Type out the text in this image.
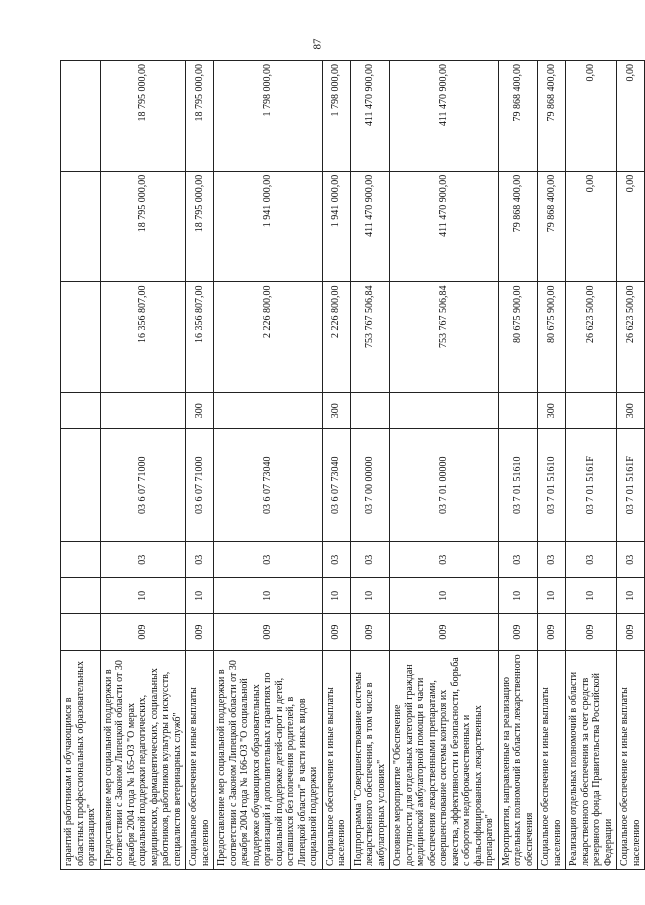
87
гарантий работникам и обучающимся в областных профессиональных образовательных организациях"								
Предоставление мер социальной поддержки в соответствии с Законом Липецкой области от 30 декабря 2004 года № 165-ОЗ "О мерах социальной поддержки педагогических, медицинских, фармацевтических, социальных работников, работников культуры и искусств, специалистов ветеринарных служб"	009	10	03	03 6 07 71000		16 356 807,00	18 795 000,00	18 795 000,00
Социальное обеспечение и иные выплаты населению	009	10	03	03 6 07 71000	300	16 356 807,00	18 795 000,00	18 795 000,00
Предоставление мер социальной поддержки в соответствии с Законом Липецкой области от 30 декабря 2004 года № 166-ОЗ "О социальной поддержке обучающихся образовательных организаций и дополнительных гарантиях по социальной поддержке детей-сирот и детей, оставшихся без попечения родителей, в Липецкой области" в части иных видов социальной поддержки	009	10	03	03 6 07 73040		2 226 800,00	1 941 000,00	1 798 000,00
Социальное обеспечение и иные выплаты населению	009	10	03	03 6 07 73040	300	2 226 800,00	1 941 000,00	1 798 000,00
Подпрограмма "Совершенствование системы лекарственного обеспечения, в том числе в амбулаторных условиях"	009	10	03	03 7 00 00000		753 767 506,84	411 470 900,00	411 470 900,00
Основное мероприятие "Обеспечение доступности для отдельных категорий граждан медицинской амбулаторной помощи в части обеспечения лекарственными препаратами, совершенствование системы контроля их качества, эффективности и безопасности, борьба с оборотом недоброкачественных и фальсифицированных лекарственных препаратов"	009	10	03	03 7 01 00000		753 767 506,84	411 470 900,00	411 470 900,00
Мероприятия, направленные на реализацию отдельных полномочий в области лекарственного обеспечения	009	10	03	03 7 01 51610		80 675 900,00	79 868 400,00	79 868 400,00
Социальное обеспечение и иные выплаты населению	009	10	03	03 7 01 51610	300	80 675 900,00	79 868 400,00	79 868 400,00
Реализация отдельных полномочий в области лекарственного обеспечения за счет средств резервного фонда Правительства Российской Федерации	009	10	03	03 7 01 5161F		26 623 500,00	0,00	0,00
Социальное обеспечение и иные выплаты населению	009	10	03	03 7 01 5161F	300	26 623 500,00	0,00	0,00
